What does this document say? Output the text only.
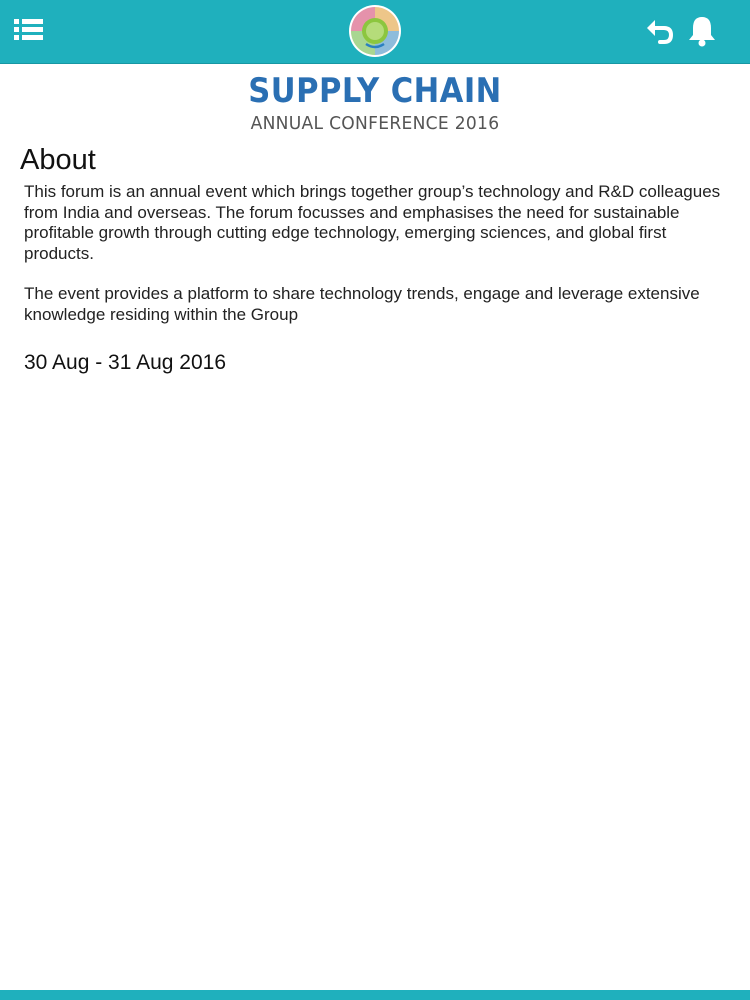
SUPPLY CHAIN
ANNUAL CONFERENCE 2016
About

This forum is an annual event which brings together group’s technology and R&D colleagues from India and overseas. The forum focusses and emphasises the need for sustainable profitable growth through cutting edge technology, emerging sciences, and global first products.

The event provides a platform to share technology trends, engage and leverage extensive knowledge residing within the Group

30 Aug - 31 Aug 2016
